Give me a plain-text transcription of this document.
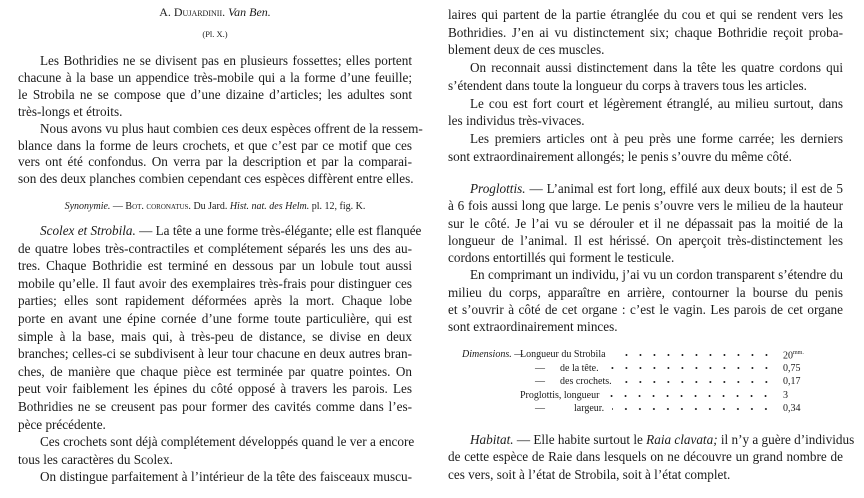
A. Dujardinii. Van Ben.
(Pl. X.)
Les Bothridies ne se divisent pas en plusieurs fossettes; elles portent
chacune à la base un appendice très-mobile qui a la forme d’une feuille;
le Strobila ne se compose que d’une dizaine d’articles; les adultes sont
très-longs et étroits.
Nous avons vu plus haut combien ces deux espèces offrent de la ressem-
blance dans la forme de leurs crochets, et que c’est par ce motif que ces
vers ont été confondus. On verra par la description et par la comparai-
son des deux planches combien cependant ces espèces diffèrent entre elles.
Synonymie. — Bot. coronatus. Du Jard. Hist. nat. des Helm. pl. 12, fig. K.
Scolex et Strobila. — La tête a une forme très-élégante; elle est flanquée
de quatre lobes très-contractiles et complétement séparés les uns des au-
tres. Chaque Bothridie est terminé en dessous par un lobule tout aussi
mobile qu’elle. Il faut avoir des exemplaires très-frais pour distinguer ces
parties; elles sont rapidement déformées après la mort. Chaque lobe
porte en avant une épine cornée d’une forme toute particulière, qui est
simple à la base, mais qui, à très-peu de distance, se divise en deux
branches; celles-ci se subdivisent à leur tour chacune en deux autres bran-
ches, de manière que chaque pièce est terminée par quatre pointes. On
peut voir faiblement les épines du côté opposé à travers les parois. Les
Bothridies ne se creusent pas pour former des cavités comme dans l’es-
pèce précédente.
Ces crochets sont déjà complétement développés quand le ver a encore
tous les caractères du Scolex.
On distingue parfaitement à l’intérieur de la tête des faisceaux muscu-
laires qui partent de la partie étranglée du cou et qui se rendent vers les
Bothridies. J’en ai vu distinctement six; chaque Bothridie reçoit proba-
blement deux de ces muscles.
On reconnait aussi distinctement dans la tête les quatre cordons qui
s’étendent dans toute la longueur du corps à travers tous les articles.
Le cou est fort court et légèrement étranglé, au milieu surtout, dans
les individus très-vivaces.
Les premiers articles ont à peu près une forme carrée; les derniers
sont extraordinairement allongés; le penis s’ouvre du même côté.
Proglottis. — L’animal est fort long, effilé aux deux bouts; il est de 5
à 6 fois aussi long que large. Le penis s’ouvre vers le milieu de la hauteur
sur le côté. Je l’ai vu se dérouler et il ne dépassait pas la moitié de la
longueur de l’animal. Il est hérissé. On aperçoit très-distinctement les
cordons entortillés qui forment le testicule.
En comprimant un individu, j’ai vu un cordon transparent s’étendre du
milieu du corps, apparaître en arrière, contourner la bourse du penis
et s’ouvrir à côté de cet organe : c’est le vagin. Les parois de cet organe
sont extraordinairement minces.
Dimensions. —
Longueur du Strobila	$20^{mm.}$
—	de la tête.	0,75
—	des crochets.	0,17
Proglottis, longueur	3
—	largeur.	0,34
Habitat. — Elle habite surtout le Raia clavata; il n’y a guère d’individus
de cette espèce de Raie dans lesquels on ne découvre un grand nombre de
ces vers, soit à l’état de Strobila, soit à l’état complet.
